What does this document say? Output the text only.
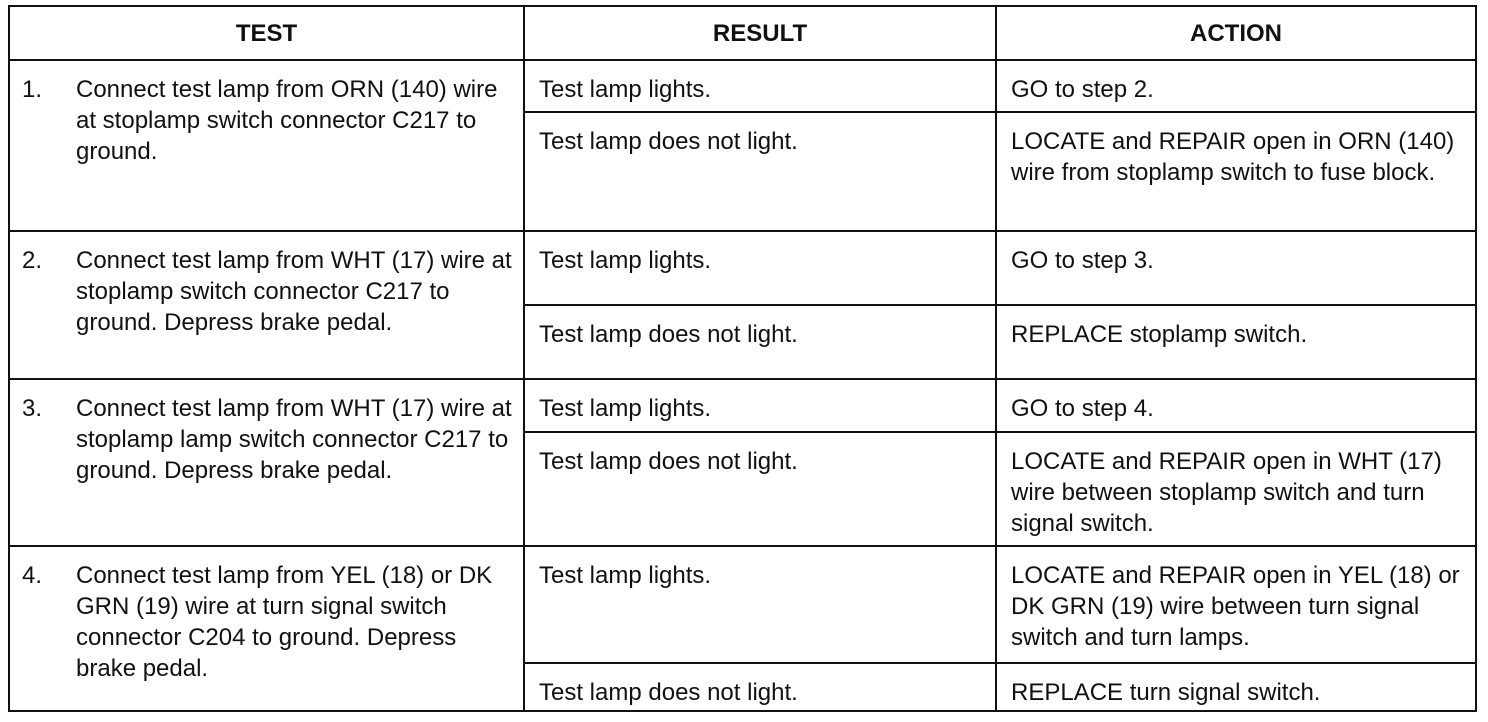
TEST	RESULT	ACTION

1. Connect test lamp from ORN (140) wire at stoplamp switch connector C217 to ground.	Test lamp lights.	GO to step 2.
	Test lamp does not light.	LOCATE and REPAIR open in ORN (140) wire from stoplamp switch to fuse block.

2. Connect test lamp from WHT (17) wire at stoplamp switch connector C217 to ground. Depress brake pedal.	Test lamp lights.	GO to step 3.
	Test lamp does not light.	REPLACE stoplamp switch.

3. Connect test lamp from WHT (17) wire at stoplamp lamp switch connector C217 to ground. Depress brake pedal.	Test lamp lights.	GO to step 4.
	Test lamp does not light.	LOCATE and REPAIR open in WHT (17) wire between stoplamp switch and turn signal switch.

4. Connect test lamp from YEL (18) or DK GRN (19) wire at turn signal switch connector C204 to ground. Depress brake pedal.	Test lamp lights.	LOCATE and REPAIR open in YEL (18) or DK GRN (19) wire between turn signal switch and turn lamps.
	Test lamp does not light.	REPLACE turn signal switch.
